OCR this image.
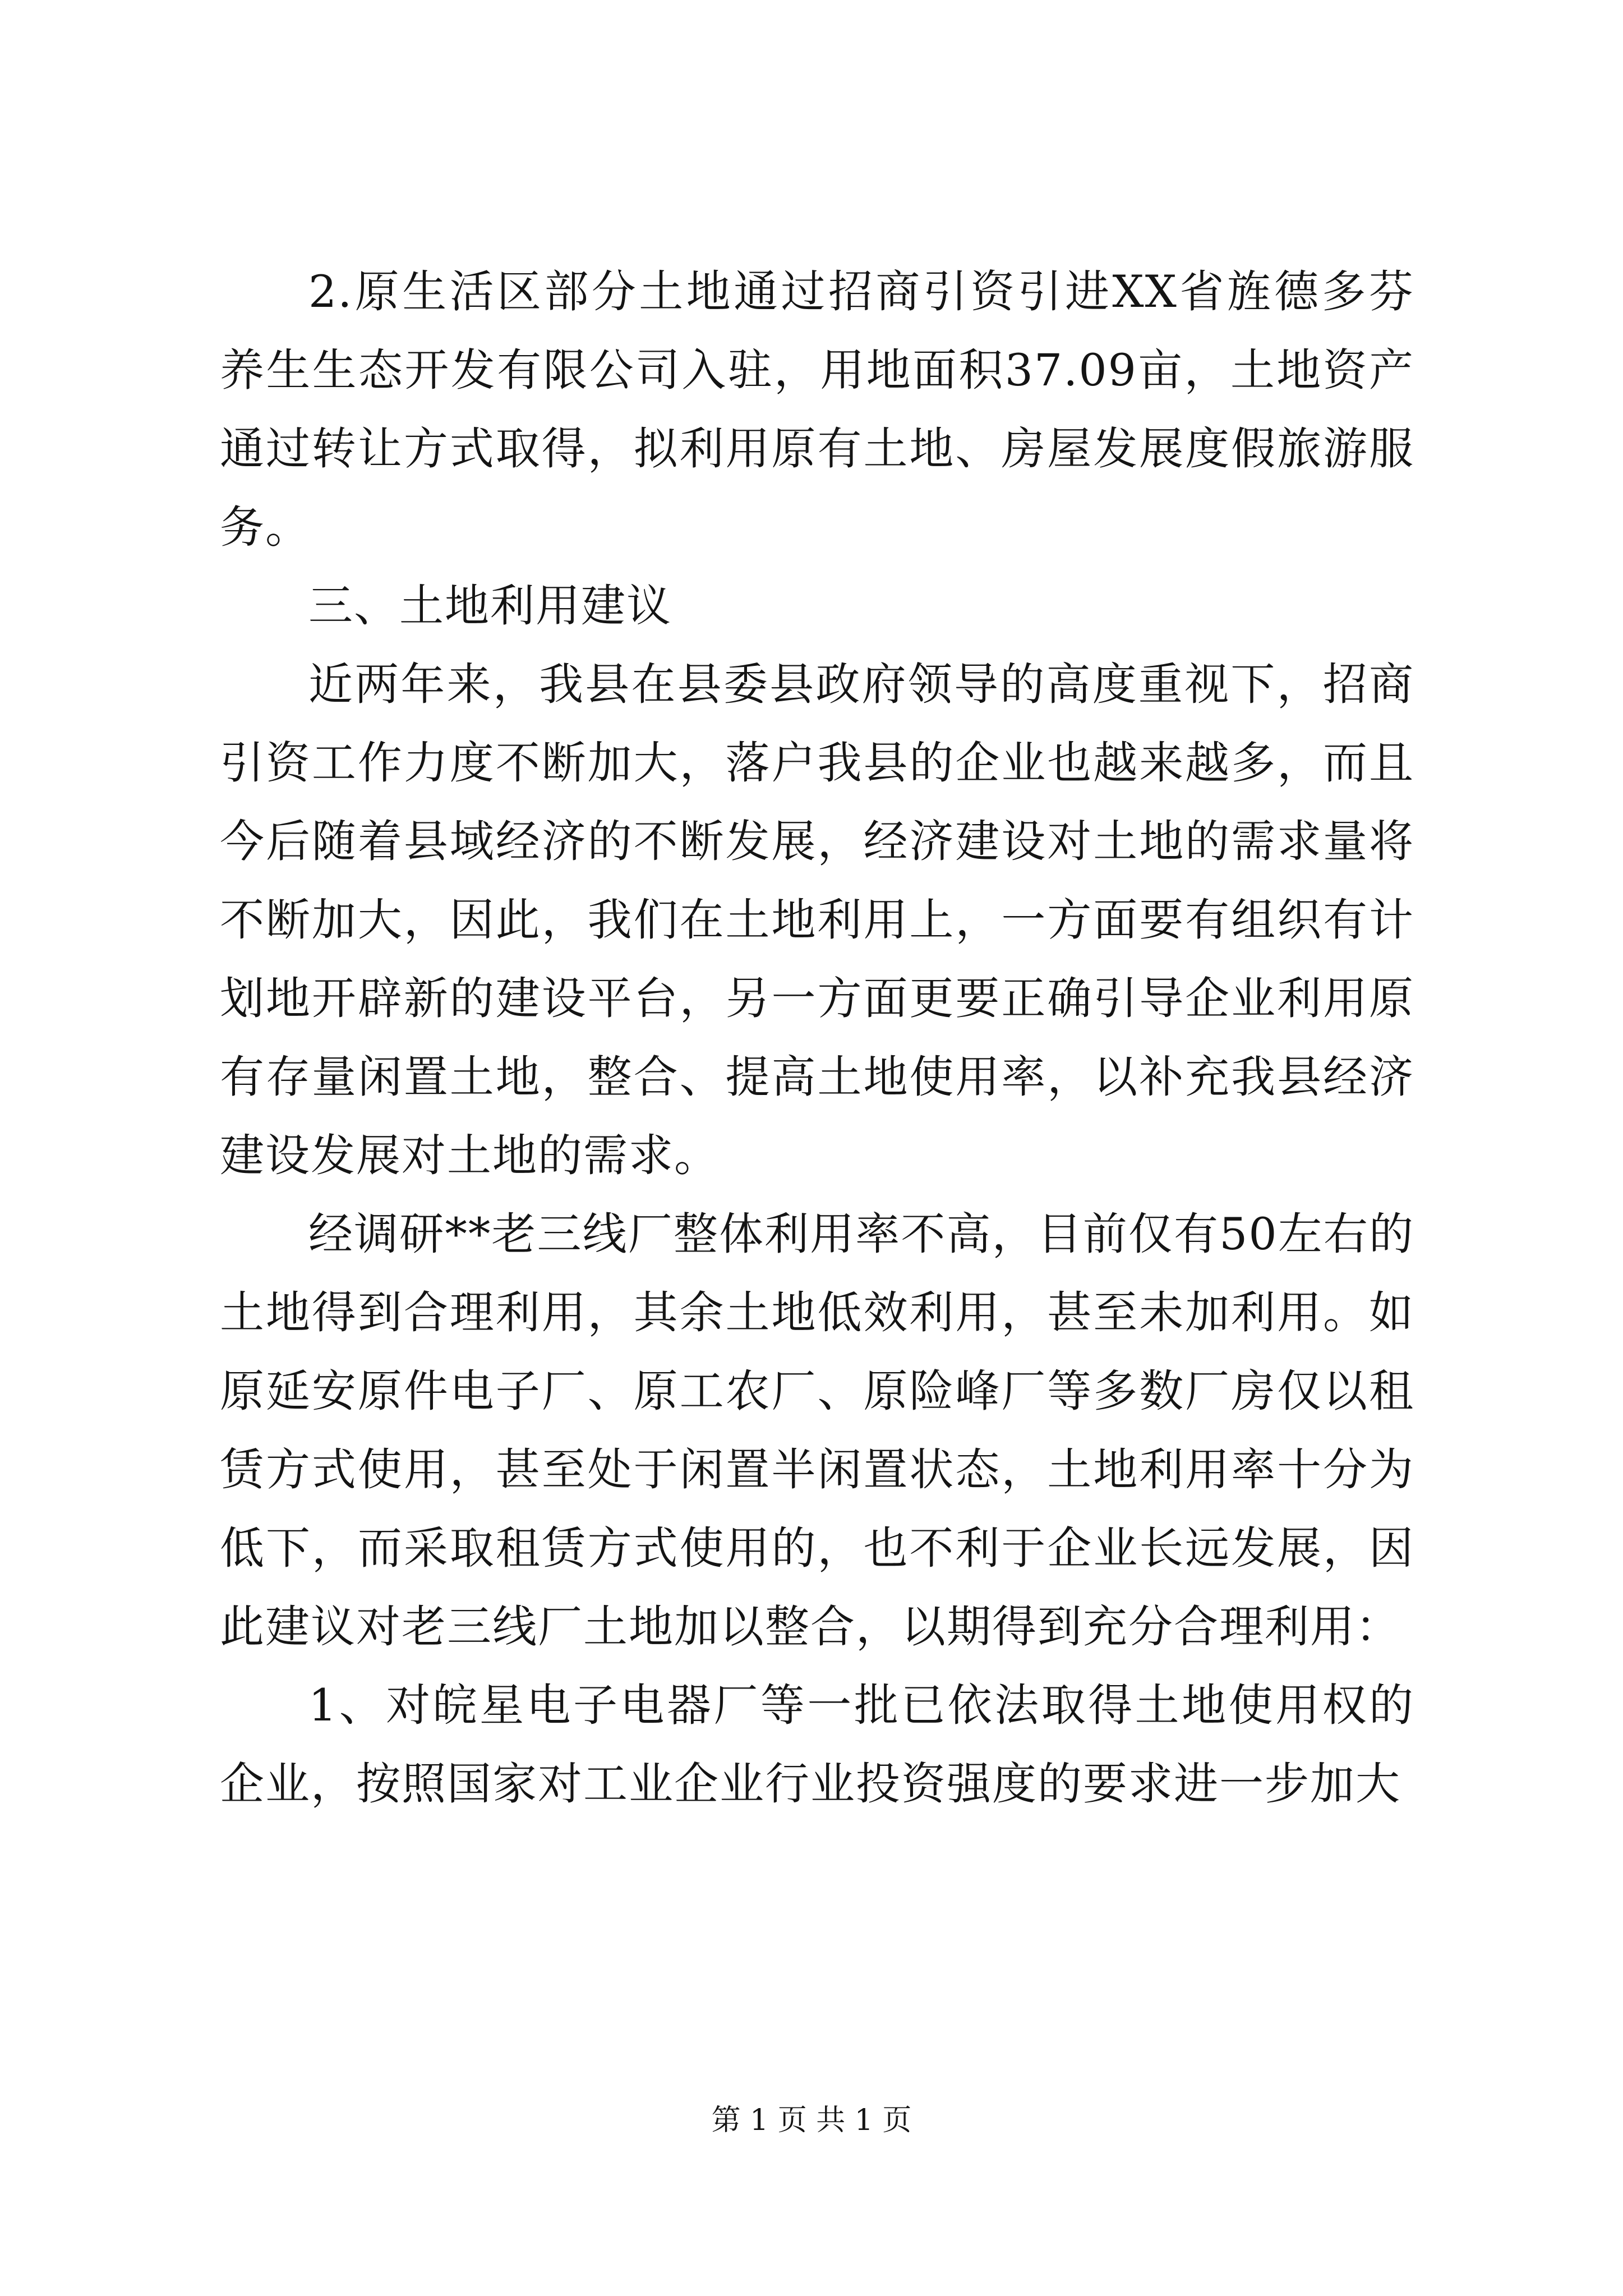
2.原生活区部分土地通过招商引资引进XX省旌德多芬养生生态开发有限公司入驻，用地面积37.09亩，土地资产通过转让方式取得，拟利用原有土地、房屋发展度假旅游服务。

三、土地利用建议

近两年来，我县在县委县政府领导的高度重视下，招商引资工作力度不断加大，落户我县的企业也越来越多，而且今后随着县域经济的不断发展，经济建设对土地的需求量将不断加大，因此，我们在土地利用上，一方面要有组织有计划地开辟新的建设平台，另一方面更要正确引导企业利用原有存量闲置土地，整合、提高土地使用率，以补充我县经济建设发展对土地的需求。

经调研**老三线厂整体利用率不高，目前仅有50左右的土地得到合理利用，其余土地低效利用，甚至未加利用。如原延安原件电子厂、原工农厂、原险峰厂等多数厂房仅以租赁方式使用，甚至处于闲置半闲置状态，土地利用率十分为低下，而采取租赁方式使用的，也不利于企业长远发展，因此建议对老三线厂土地加以整合，以期得到充分合理利用：

1、对皖星电子电器厂等一批已依法取得土地使用权的企业，按照国家对工业企业行业投资强度的要求进一步加大

第 1 页 共 1 页
